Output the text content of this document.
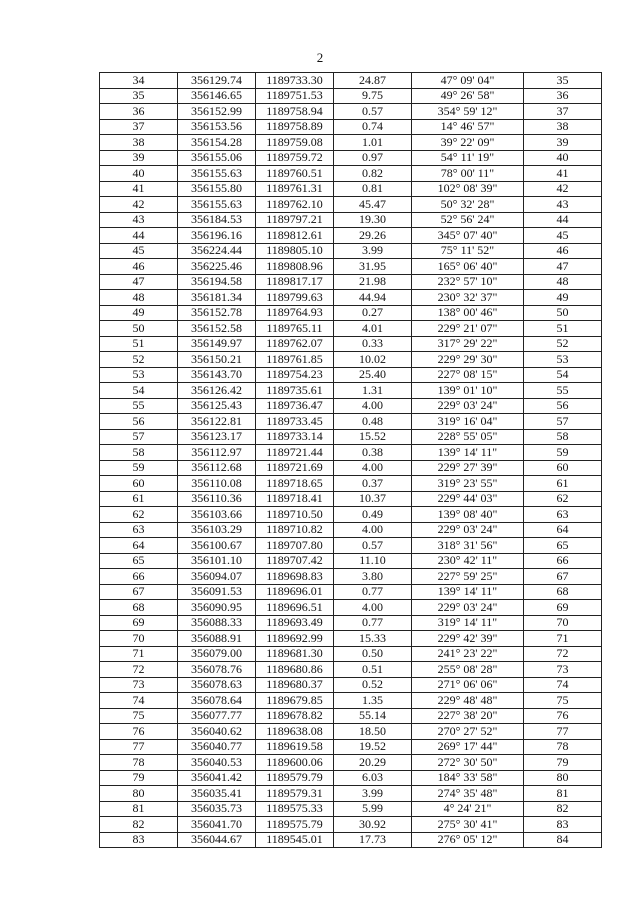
2
34	356129.74	1189733.30	24.87	47° 09' 04"	35
35	356146.65	1189751.53	9.75	49° 26' 58"	36
36	356152.99	1189758.94	0.57	354° 59' 12"	37
37	356153.56	1189758.89	0.74	14° 46' 57"	38
38	356154.28	1189759.08	1.01	39° 22' 09"	39
39	356155.06	1189759.72	0.97	54° 11' 19"	40
40	356155.63	1189760.51	0.82	78° 00' 11"	41
41	356155.80	1189761.31	0.81	102° 08' 39"	42
42	356155.63	1189762.10	45.47	50° 32' 28"	43
43	356184.53	1189797.21	19.30	52° 56' 24"	44
44	356196.16	1189812.61	29.26	345° 07' 40"	45
45	356224.44	1189805.10	3.99	75° 11' 52"	46
46	356225.46	1189808.96	31.95	165° 06' 40"	47
47	356194.58	1189817.17	21.98	232° 57' 10"	48
48	356181.34	1189799.63	44.94	230° 32' 37"	49
49	356152.78	1189764.93	0.27	138° 00' 46"	50
50	356152.58	1189765.11	4.01	229° 21' 07"	51
51	356149.97	1189762.07	0.33	317° 29' 22"	52
52	356150.21	1189761.85	10.02	229° 29' 30"	53
53	356143.70	1189754.23	25.40	227° 08' 15"	54
54	356126.42	1189735.61	1.31	139° 01' 10"	55
55	356125.43	1189736.47	4.00	229° 03' 24"	56
56	356122.81	1189733.45	0.48	319° 16' 04"	57
57	356123.17	1189733.14	15.52	228° 55' 05"	58
58	356112.97	1189721.44	0.38	139° 14' 11"	59
59	356112.68	1189721.69	4.00	229° 27' 39"	60
60	356110.08	1189718.65	0.37	319° 23' 55"	61
61	356110.36	1189718.41	10.37	229° 44' 03"	62
62	356103.66	1189710.50	0.49	139° 08' 40"	63
63	356103.29	1189710.82	4.00	229° 03' 24"	64
64	356100.67	1189707.80	0.57	318° 31' 56"	65
65	356101.10	1189707.42	11.10	230° 42' 11"	66
66	356094.07	1189698.83	3.80	227° 59' 25"	67
67	356091.53	1189696.01	0.77	139° 14' 11"	68
68	356090.95	1189696.51	4.00	229° 03' 24"	69
69	356088.33	1189693.49	0.77	319° 14' 11"	70
70	356088.91	1189692.99	15.33	229° 42' 39"	71
71	356079.00	1189681.30	0.50	241° 23' 22"	72
72	356078.76	1189680.86	0.51	255° 08' 28"	73
73	356078.63	1189680.37	0.52	271° 06' 06"	74
74	356078.64	1189679.85	1.35	229° 48' 48"	75
75	356077.77	1189678.82	55.14	227° 38' 20"	76
76	356040.62	1189638.08	18.50	270° 27' 52"	77
77	356040.77	1189619.58	19.52	269° 17' 44"	78
78	356040.53	1189600.06	20.29	272° 30' 50"	79
79	356041.42	1189579.79	6.03	184° 33' 58"	80
80	356035.41	1189579.31	3.99	274° 35' 48"	81
81	356035.73	1189575.33	5.99	4° 24' 21"	82
82	356041.70	1189575.79	30.92	275° 30' 41"	83
83	356044.67	1189545.01	17.73	276° 05' 12"	84
